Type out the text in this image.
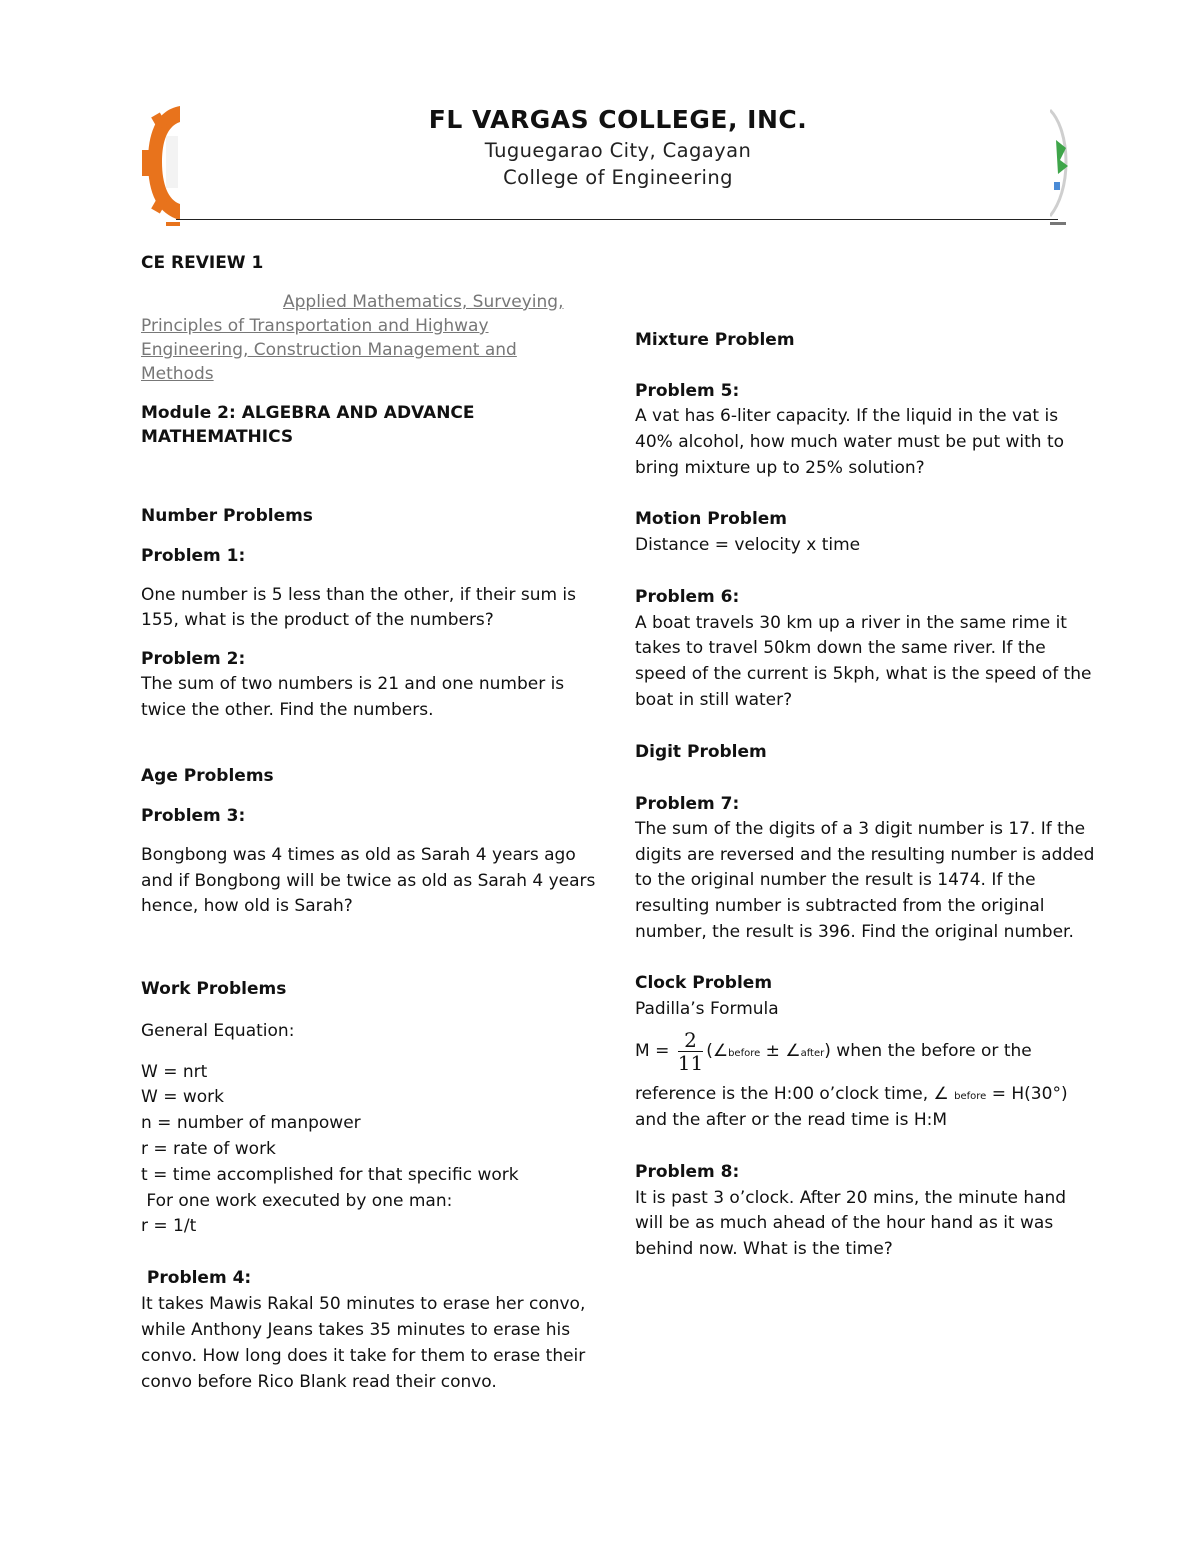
FL VARGAS COLLEGE, INC.
Tuguegarao City, Cagayan
College of Engineering
CE REVIEW 1
Applied Mathematics, Surveying,
Principles of Transportation and Highway
Engineering, Construction Management and
Methods
Module 2: ALGEBRA AND ADVANCE
MATHEMATHICS
Number Problems
Problem 1:
One number is 5 less than the other, if their sum is
155, what is the product of the numbers?
Problem 2:
The sum of two numbers is 21 and one number is
twice the other. Find the numbers.
Age Problems
Problem 3:
Bongbong was 4 times as old as Sarah 4 years ago
and if Bongbong will be twice as old as Sarah 4 years
hence, how old is Sarah?
Work Problems
General Equation:
W = nrt
W = work
n = number of manpower
r = rate of work
t = time accomplished for that specific work
For one work executed by one man:
r = 1/t
Problem 4:
It takes Mawis Rakal 50 minutes to erase her convo,
while Anthony Jeans takes 35 minutes to erase his
convo. How long does it take for them to erase their
convo before Rico Blank read their convo.
Mixture Problem
Problem 5:
A vat has 6-liter capacity. If the liquid in the vat is
40% alcohol, how much water must be put with to
bring mixture up to 25% solution?
Motion Problem
Distance = velocity x time
Problem 6:
A boat travels 30 km up a river in the same rime it
takes to travel 50km down the same river. If the
speed of the current is 5kph, what is the speed of the
boat in still water?
Digit Problem
Problem 7:
The sum of the digits of a 3 digit number is 17. If the
digits are reversed and the resulting number is added
to the original number the result is 1474. If the
resulting number is subtracted from the original
number, the result is 396. Find the original number.
Clock Problem
Padilla’s Formula
$M = \frac{2}{11}$ (∠before ± ∠after) when the before or the
reference is the H:00 o’clock time, ∠ before = H(30°)
and the after or the read time is H:M
Problem 8:
It is past 3 o’clock. After 20 mins, the minute hand
will be as much ahead of the hour hand as it was
behind now. What is the time?
